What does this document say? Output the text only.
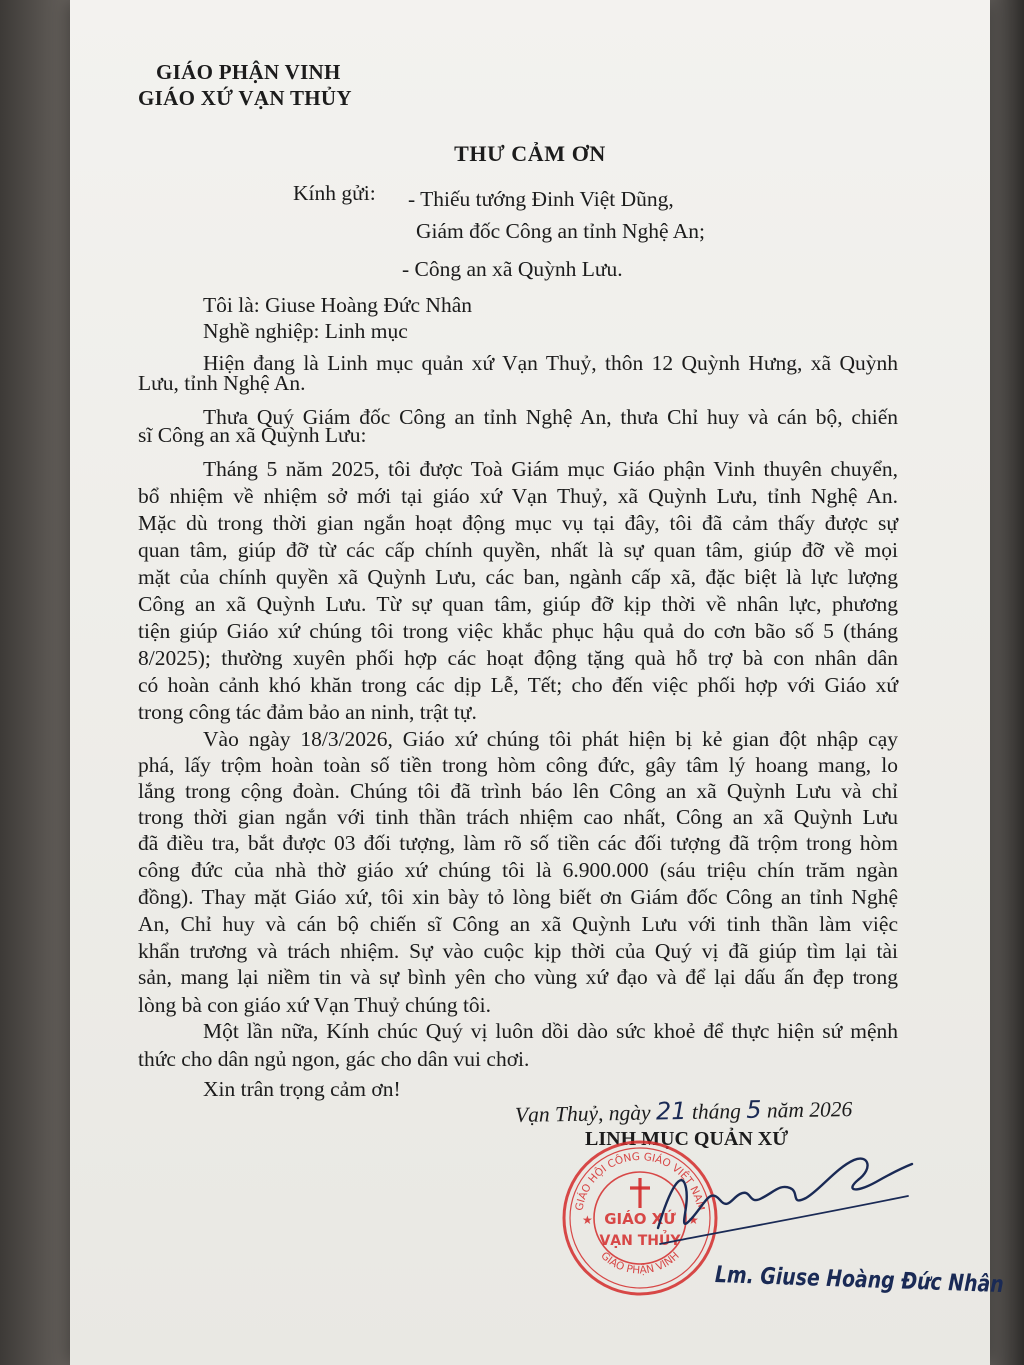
GIÁO PHẬN VINH
GIÁO XỨ VẠN THỦY
THƯ CẢM ƠN
Kính gửi: - Thiếu tướng Đinh Việt Dũng,
Giám đốc Công an tỉnh Nghệ An;
- Công an xã Quỳnh Lưu.
Tôi là: Giuse Hoàng Đức Nhân
Nghề nghiệp: Linh mục
Hiện đang là Linh mục quản xứ Vạn Thuỷ, thôn 12 Quỳnh Hưng, xã Quỳnh
Lưu, tỉnh Nghệ An.
Thưa Quý Giám đốc Công an tỉnh Nghệ An, thưa Chỉ huy và cán bộ, chiến
sĩ Công an xã Quỳnh Lưu:
Tháng 5 năm 2025, tôi được Toà Giám mục Giáo phận Vinh thuyên chuyển,
bổ nhiệm về nhiệm sở mới tại giáo xứ Vạn Thuỷ, xã Quỳnh Lưu, tỉnh Nghệ An.
Mặc dù trong thời gian ngắn hoạt động mục vụ tại đây, tôi đã cảm thấy được sự
quan tâm, giúp đỡ từ các cấp chính quyền, nhất là sự quan tâm, giúp đỡ về mọi
mặt của chính quyền xã Quỳnh Lưu, các ban, ngành cấp xã, đặc biệt là lực lượng
Công an xã Quỳnh Lưu. Từ sự quan tâm, giúp đỡ kịp thời về nhân lực, phương
tiện giúp Giáo xứ chúng tôi trong việc khắc phục hậu quả do cơn bão số 5 (tháng
8/2025); thường xuyên phối hợp các hoạt động tặng quà hỗ trợ bà con nhân dân
có hoàn cảnh khó khăn trong các dịp Lễ, Tết; cho đến việc phối hợp với Giáo xứ
trong công tác đảm bảo an ninh, trật tự.
Vào ngày 18/3/2026, Giáo xứ chúng tôi phát hiện bị kẻ gian đột nhập cạy
phá, lấy trộm hoàn toàn số tiền trong hòm công đức, gây tâm lý hoang mang, lo
lắng trong cộng đoàn. Chúng tôi đã trình báo lên Công an xã Quỳnh Lưu và chỉ
trong thời gian ngắn với tinh thần trách nhiệm cao nhất, Công an xã Quỳnh Lưu
đã điều tra, bắt được 03 đối tượng, làm rõ số tiền các đối tượng đã trộm trong hòm
công đức của nhà thờ giáo xứ chúng tôi là 6.900.000 (sáu triệu chín trăm ngàn
đồng). Thay mặt Giáo xứ, tôi xin bày tỏ lòng biết ơn Giám đốc Công an tỉnh Nghệ
An, Chỉ huy và cán bộ chiến sĩ Công an xã Quỳnh Lưu với tinh thần làm việc
khẩn trương và trách nhiệm. Sự vào cuộc kịp thời của Quý vị đã giúp tìm lại tài
sản, mang lại niềm tin và sự bình yên cho vùng xứ đạo và để lại dấu ấn đẹp trong
lòng bà con giáo xứ Vạn Thuỷ chúng tôi.
Một lần nữa, Kính chúc Quý vị luôn dồi dào sức khoẻ để thực hiện sứ mệnh
thức cho dân ngủ ngon, gác cho dân vui chơi.
Xin trân trọng cảm ơn!
Vạn Thuỷ, ngày 21 tháng 5 năm 2026
LINH MỤC QUẢN XỨ
GIÁO HỘI CÔNG GIÁO VIỆT NAM
GIÁO PHẬN VINH
GIÁO XỨ
VẠN THỦY
★	★
Lm. Giuse Hoàng Đức Nhân
